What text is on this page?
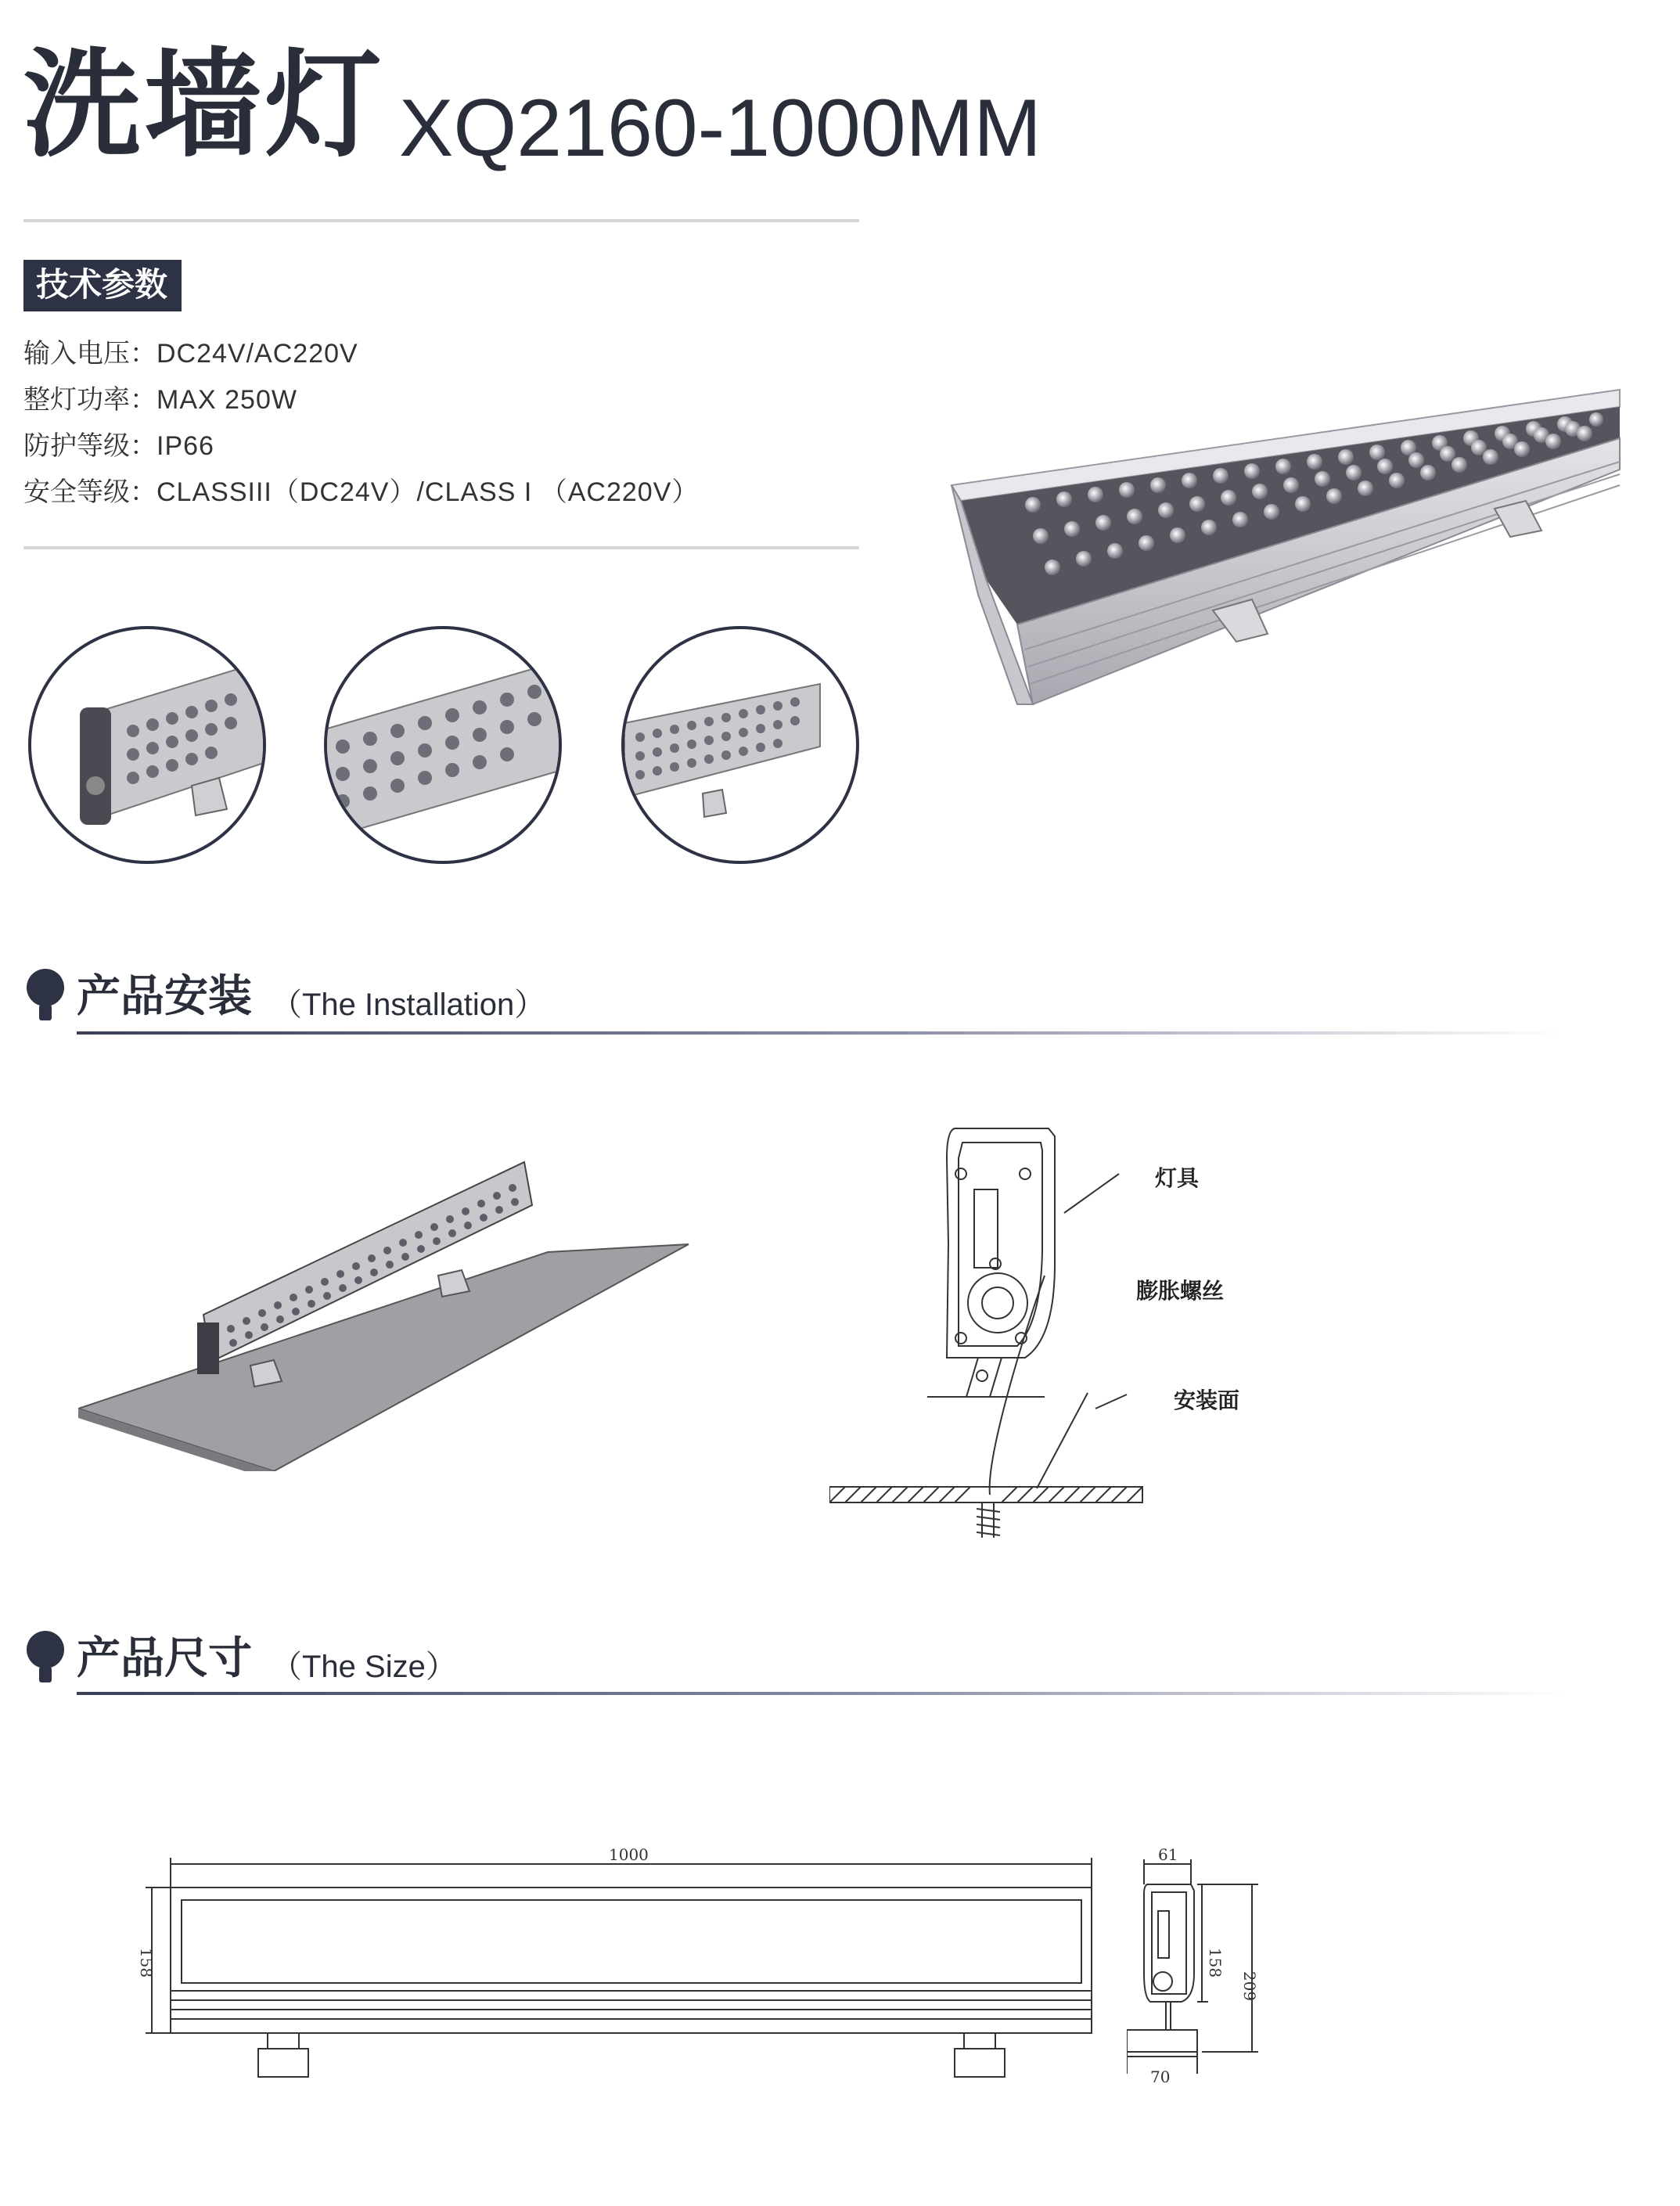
洗墙灯 XQ2160-1000MM
技术参数
输入电压：DC24V/AC220V
整灯功率：MAX 250W
防护等级：IP66
安全等级：CLASSIII（DC24V）/CLASS I （AC220V）
产品安装 （The Installation）
灯具
膨胀螺丝
安装面
产品尺寸 （The Size）
1000
158
61
158
209
70
